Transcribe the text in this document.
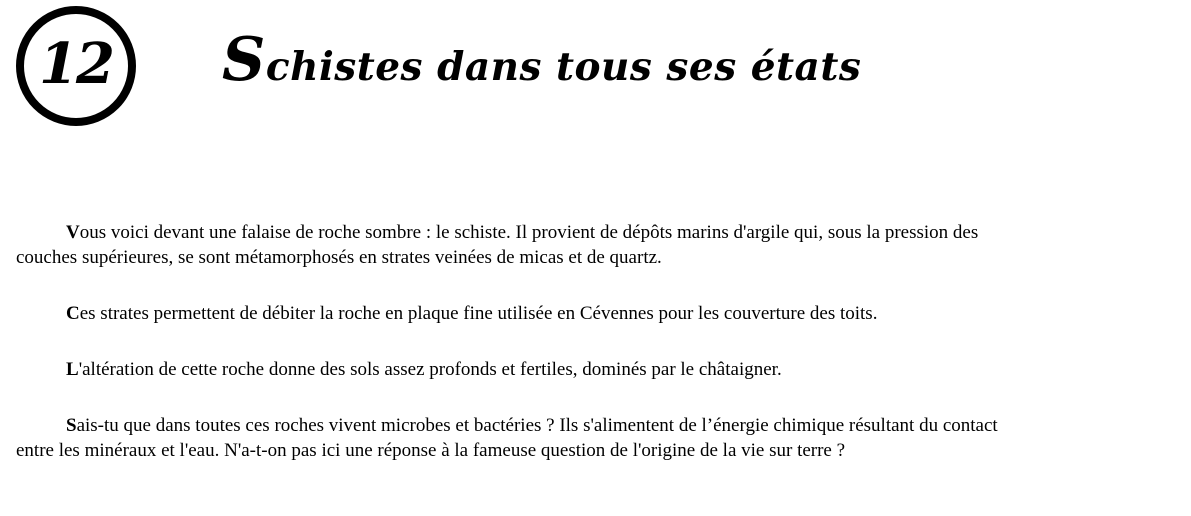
12 Schistes dans tous ses états

Vous voici devant une falaise de roche sombre : le schiste. Il provient de dépôts marins d'argile qui, sous la pression des couches supérieures, se sont métamorphosés en strates veinées de micas et de quartz.

Ces strates permettent de débiter la roche en plaque fine utilisée en Cévennes pour les couverture des toits.

L'altération de cette roche donne des sols assez profonds et fertiles, dominés par le châtaigner.

Sais-tu que dans toutes ces roches vivent microbes et bactéries ? Ils s'alimentent de l’énergie chimique résultant du contact entre les minéraux et l'eau. N'a-t-on pas ici une réponse à la fameuse question de l'origine de la vie sur terre ?
